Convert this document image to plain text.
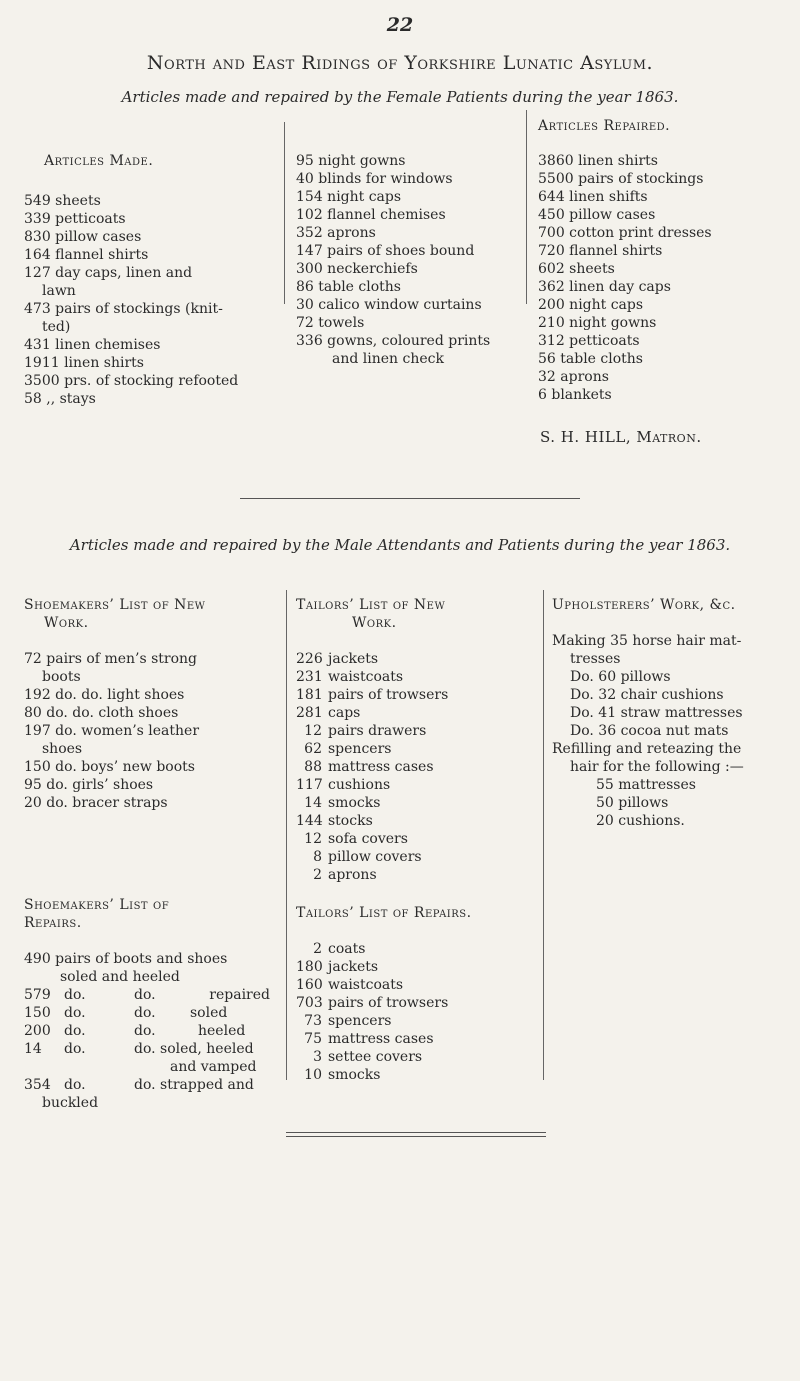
22
North and East Ridings of Yorkshire Lunatic Asylum.
Articles made and repaired by the Female Patients during the year 1863.
Articles Made.
549 sheets
339 petticoats
830 pillow cases
164 flannel shirts
127 day caps, linen and
lawn
473 pairs of stockings (knit-
ted)
431 linen chemises
1911 linen shirts
3500 prs. of stocking refooted
58 ,, stays
95 night gowns
40 blinds for windows
154 night caps
102 flannel chemises
352 aprons
147 pairs of shoes bound
300 neckerchiefs
86 table cloths
30 calico window curtains
72 towels
336 gowns, coloured prints
and linen check
Articles Repaired.
3860 linen shirts
5500 pairs of stockings
644 linen shifts
450 pillow cases
700 cotton print dresses
720 flannel shirts
602 sheets
362 linen day caps
200 night caps
210 night gowns
312 petticoats
56 table cloths
32 aprons
6 blankets
S. H. HILL, Matron.
Articles made and repaired by the Male Attendants and Patients during the year 1863.
Shoemakers’ List of New
Work.
72 pairs of men’s strong
boots
192 do. do. light shoes
80 do. do. cloth shoes
197 do. women’s leather
shoes
150 do. boys’ new boots
95 do. girls’ shoes
20 do. bracer straps
Shoemakers’ List of
Repairs.
490 pairs of boots and shoes
soled and heeled
579	do.	do.	repaired
150	do.	do.	soled
200	do.	do.	heeled
14	do.	do. soled, heeled	
		and vamped	
354	do.	do. strapped and	
buckled
Tailors’ List of New
Work.
226 jackets
231 waistcoats
181 pairs of trowsers
281 caps
12 pairs drawers
62 spencers
88 mattress cases
117 cushions
14 smocks
144 stocks
12 sofa covers
8 pillow covers
2 aprons
Tailors’ List of Repairs.
2 coats
180 jackets
160 waistcoats
703 pairs of trowsers
73 spencers
75 mattress cases
3 settee covers
10 smocks
Upholsterers’ Work, &c.
Making 35 horse hair mat-
tresses
Do. 60 pillows
Do. 32 chair cushions
Do. 41 straw mattresses
Do. 36 cocoa nut mats
Refilling and reteazing the
hair for the following :—
55 mattresses
50 pillows
20 cushions.
